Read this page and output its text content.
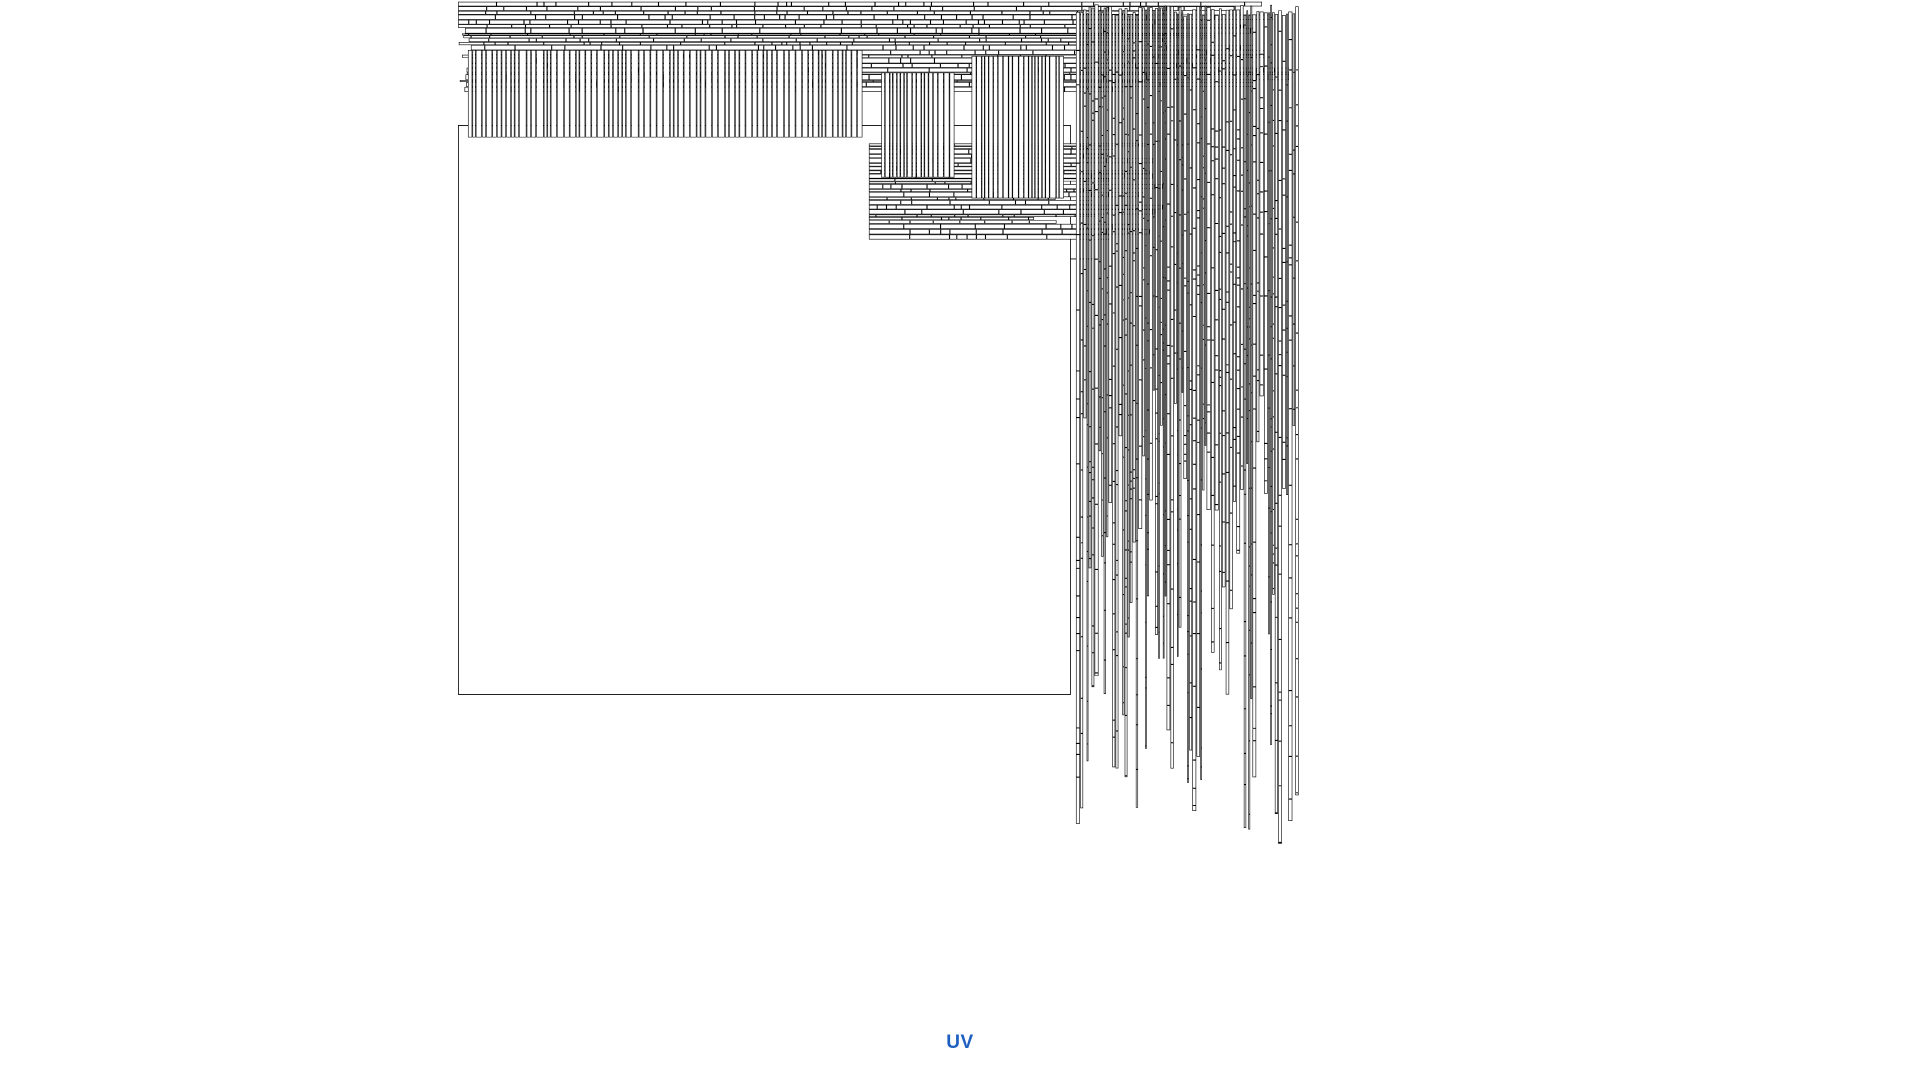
UV
